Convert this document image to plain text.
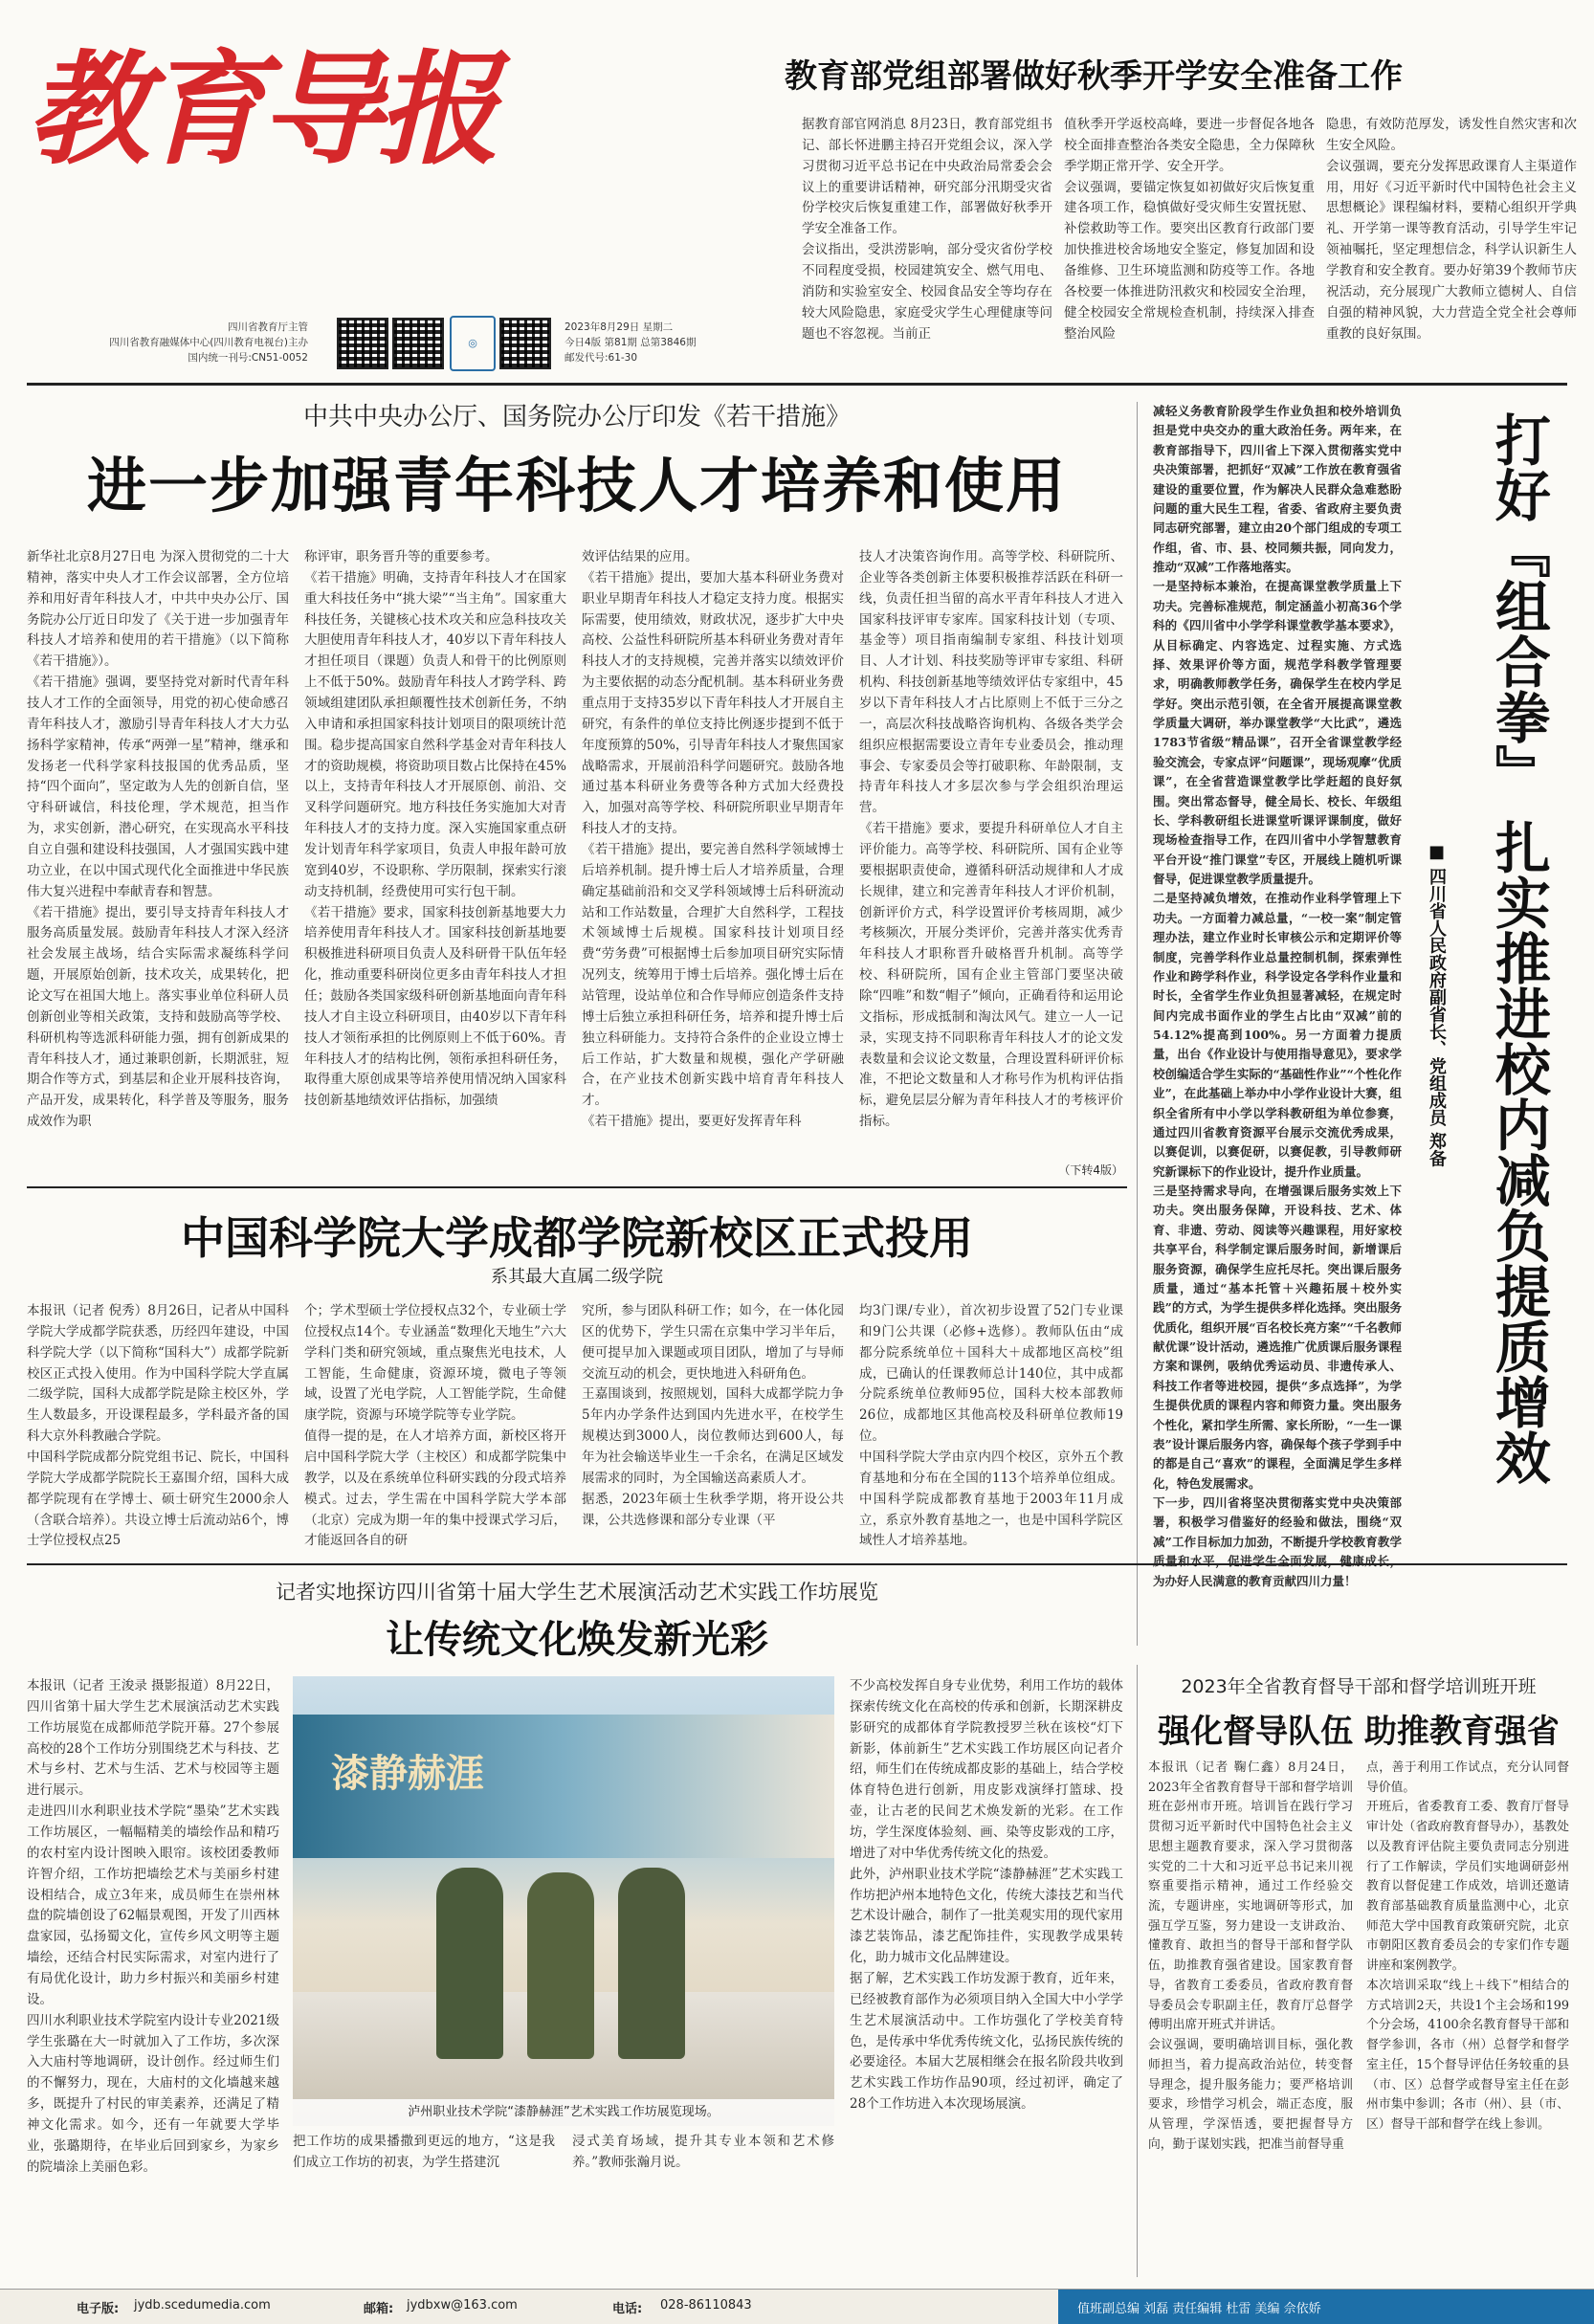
教育导报
四川省教育厅主管
四川省教育融媒体中心(四川教育电视台)主办
国内统一刊号:CN51-0052
◎
2023年8月29日 星期二
今日4版 第81期 总第3846期
邮发代号:61-30
教育部党组部署做好秋季开学安全准备工作

据教育部官网消息 8月23日，教育部党组书记、部长怀进鹏主持召开党组会议，深入学习贯彻习近平总书记在中央政治局常委会会议上的重要讲话精神，研究部分汛期受灾省份学校灾后恢复重建工作，部署做好秋季开学安全准备工作。
会议指出，受洪涝影响，部分受灾省份学校不同程度受损，校园建筑安全、燃气用电、消防和实验室安全、校园食品安全等均存在较大风险隐患，家庭受灾学生心理健康等问题也不容忽视。当前正

值秋季开学返校高峰，要进一步督促各地各校全面排查整治各类安全隐患，全力保障秋季学期正常开学、安全开学。
会议强调，要锚定恢复如初做好灾后恢复重建各项工作，稳慎做好受灾师生安置抚慰、补偿救助等工作。要突出区教育行政部门要加快推进校舍场地安全鉴定，修复加固和设备维修、卫生环境监测和防疫等工作。各地各校要一体推进防汛救灾和校园安全治理，健全校园安全常规检查机制，持续深入排查整治风险

隐患，有效防范厚发，诱发性自然灾害和次生安全风险。
会议强调，要充分发挥思政课育人主渠道作用，用好《习近平新时代中国特色社会主义思想概论》课程编材料，要精心组织开学典礼、开学第一课等教育活动，引导学生牢记领袖嘱托，坚定理想信念，科学认识新生人学教育和安全教育。要办好第39个教师节庆祝活动，充分展现广大教师立德树人、自信自强的精神风貌，大力营造全党全社会尊师重教的良好氛围。

中共中央办公厅、国务院办公厅印发《若干措施》
进一步加强青年科技人才培养和使用

新华社北京8月27日电 为深入贯彻党的二十大精神，落实中央人才工作会议部署，全方位培养和用好青年科技人才，中共中央办公厅、国务院办公厅近日印发了《关于进一步加强青年科技人才培养和使用的若干措施》（以下简称《若干措施》）。
《若干措施》强调，要坚持党对新时代青年科技人才工作的全面领导，用党的初心使命感召青年科技人才，激励引导青年科技人才大力弘扬科学家精神，传承“两弹一星”精神，继承和发扬老一代科学家科技报国的优秀品质，坚持“四个面向”，坚定敢为人先的创新自信，坚守科研诚信，科技伦理，学术规范，担当作为，求实创新，潜心研究，在实现高水平科技自立自强和建设科技强国，人才强国实践中建功立业，在以中国式现代化全面推进中华民族伟大复兴进程中奉献青春和智慧。
《若干措施》提出，要引导支持青年科技人才服务高质量发展。鼓励青年科技人才深入经济社会发展主战场，结合实际需求凝练科学问题，开展原始创新，技术攻关，成果转化，把论文写在祖国大地上。落实事业单位科研人员创新创业等相关政策，支持和鼓励高等学校、科研机构等选派科研能力强，拥有创新成果的青年科技人才，通过兼职创新，长期派驻，短期合作等方式，到基层和企业开展科技咨询，产品开发，成果转化，科学普及等服务，服务成效作为职

称评审，职务晋升等的重要参考。
《若干措施》明确，支持青年科技人才在国家重大科技任务中“挑大梁”“当主角”。国家重大科技任务，关键核心技术攻关和应急科技攻关大胆使用青年科技人才，40岁以下青年科技人才担任项目（课题）负责人和骨干的比例原则上不低于50%。鼓励青年科技人才跨学科、跨领域组建团队承担颠覆性技术创新任务，不纳入申请和承担国家科技计划项目的限项统计范围。稳步提高国家自然科学基金对青年科技人才的资助规模，将资助项目数占比保持在45%以上，支持青年科技人才开展原创、前沿、交叉科学问题研究。地方科技任务实施加大对青年科技人才的支持力度。深入实施国家重点研发计划青年科学家项目，负责人申报年龄可放宽到40岁，不设职称、学历限制，探索实行滚动支持机制，经费使用可实行包干制。
《若干措施》要求，国家科技创新基地要大力培养使用青年科技人才。国家科技创新基地要积极推进科研项目负责人及科研骨干队伍年轻化，推动重要科研岗位更多由青年科技人才担任；鼓励各类国家级科研创新基地面向青年科技人才自主设立科研项目，由40岁以下青年科技人才领衔承担的比例原则上不低于60%。青年科技人才的结构比例，领衔承担科研任务，取得重大原创成果等培养使用情况纳入国家科技创新基地绩效评估指标，加强绩

效评估结果的应用。
《若干措施》提出，要加大基本科研业务费对职业早期青年科技人才稳定支持力度。根据实际需要，使用绩效，财政状况，逐步扩大中央高校、公益性科研院所基本科研业务费对青年科技人才的支持规模，完善并落实以绩效评价为主要依据的动态分配机制。基本科研业务费重点用于支持35岁以下青年科技人才开展自主研究，有条件的单位支持比例逐步提到不低于年度预算的50%，引导青年科技人才聚焦国家战略需求，开展前沿科学问题研究。鼓励各地通过基本科研业务费等各种方式加大经费投入，加强对高等学校、科研院所职业早期青年科技人才的支持。
《若干措施》提出，要完善自然科学领域博士后培养机制。提升博士后人才培养质量，合理确定基础前沿和交叉学科领域博士后科研流动站和工作站数量，合理扩大自然科学，工程技术领域博士后规模。国家科技计划项目经费“劳务费”可根据博士后参加项目研究实际情况列支，统筹用于博士后培养。强化博士后在站管理，设站单位和合作导师应创造条件支持博士后独立承担科研任务，培养和提升博士后独立科研能力。支持符合条件的企业设立博士后工作站，扩大数量和规模，强化产学研融合，在产业技术创新实践中培育青年科技人才。
《若干措施》提出，要更好发挥青年科

技人才决策咨询作用。高等学校、科研院所、企业等各类创新主体要积极推荐活跃在科研一线，负责任担当留的高水平青年科技人才进入国家科技评审专家库。国家科技计划（专项、基金等）项目指南编制专家组、科技计划项目、人才计划、科技奖励等评审专家组、科研机构、科技创新基地等绩效评估专家组中，45岁以下青年科技人才占比原则上不低于三分之一，高层次科技战略咨询机构、各级各类学会组织应根据需要设立青年专业委员会，推动理事会、专家委员会等打破职称、年龄限制，支持青年科技人才多层次参与学会组织治理运营。
《若干措施》要求，要提升科研单位人才自主评价能力。高等学校、科研院所、国有企业等要根据职责使命，遵循科研活动规律和人才成长规律，建立和完善青年科技人才评价机制，创新评价方式，科学设置评价考核周期，减少考核频次，开展分类评价，完善并落实优秀青年科技人才职称晋升破格晋升机制。高等学校、科研院所，国有企业主管部门要坚决破除“四唯”和数“帽子”倾向，正确看待和运用论文指标，形成抵制和淘汰风气。建立一人一记录，实现支持不同职称青年科技人才的论文发表数量和会议论文数量，合理设置科研评价标准，不把论文数量和人才称号作为机构评估指标，避免层层分解为青年科技人才的考核评价指标。

（下转4版）

减轻义务教育阶段学生作业负担和校外培训负担是党中央交办的重大政治任务。两年来，在教育部指导下，四川省上下深入贯彻落实党中央决策部署，把抓好“双减”工作放在教育强省建设的重要位置，作为解决人民群众急难愁盼问题的重大民生工程，省委、省政府主要负责同志研究部署，建立由20个部门组成的专项工作组，省、市、县、校同频共振，同向发力，推动“双减”工作落地落实。
一是坚持标本兼治，在提高课堂教学质量上下功夫。完善标准规范，制定涵盖小初高36个学科的《四川省中小学学科课堂教学基本要求》，从目标确定、内容选定、过程实施、方式选择、效果评价等方面，规范学科教学管理要求，明确教师教学任务，确保学生在校内学足学好。突出示范引领，在全省开展提高课堂教学质量大调研，举办课堂教学“大比武”，遴选1783节省级“精品课”，召开全省课堂教学经验交流会，专家点评“问题课”，现场观摩“优质课”，在全省营造课堂教学比学赶超的良好氛围。突出常态督导，健全局长、校长、年级组长、学科教研组长进课堂听课评课制度，做好现场检查指导工作，在四川省中小学智慧教育平台开设“推门课堂”专区，开展线上随机听课督导，促进课堂教学质量提升。
二是坚持减负增效，在推动作业科学管理上下功夫。一方面着力减总量，“一校一案”制定管理办法，建立作业时长审核公示和定期评价等制度，完善学科作业总量控制机制，探索弹性作业和跨学科作业，科学设定各学科作业量和时长，全省学生作业负担显著减轻，在规定时间内完成书面作业的学生占比由“双减”前的54.12%提高到100%。另一方面着力提质量，出台《作业设计与使用指导意见》，要求学校创编适合学生实际的“基础性作业”“个性化作业”，在此基础上举办中小学作业设计大赛，组织全省所有中小学以学科教研组为单位参赛，通过四川省教育资源平台展示交流优秀成果，以赛促训，以赛促研，以赛促教，引导教师研究新课标下的作业设计，提升作业质量。
三是坚持需求导向，在增强课后服务实效上下功夫。突出服务保障，开设科技、艺术、体育、非遗、劳动、阅读等兴趣课程，用好家校共享平台，科学制定课后服务时间，新增课后服务资源，确保学生应托尽托。突出课后服务质量，通过“基本托管＋兴趣拓展＋校外实践”的方式，为学生提供多样化选择。突出服务优质化，组织开展“百名校长亮方案”“千名教师献优课”设计活动，遴选推广优质课后服务课程方案和课例，吸纳优秀运动员、非遗传承人、科技工作者等进校园，提供“多点选择”，为学生提供优质的课程内容和师资力量。突出服务个性化，紧扣学生所需、家长所盼，“一生一课表”设计课后服务内容，确保每个孩子学到手中的都是自己“喜欢”的课程，全面满足学生多样化，特色发展需求。
下一步，四川省将坚决贯彻落实党中央决策部署，积极学习借鉴好的经验和做法，围绕“双减”工作目标加力加劲，不断提升学校教育教学质量和水平，促进学生全面发展，健康成长，为办好人民满意的教育贡献四川力量！

打好『组合拳』 扎实推进校内减负提质增效
■ 四川省人民政府副省长、党组成员 郑备
中国科学院大学成都学院新校区正式投用
系其最大直属二级学院

本报讯（记者 倪秀）8月26日，记者从中国科学院大学成都学院获悉，历经四年建设，中国科学院大学（以下简称“国科大”）成都学院新校区正式投入使用。作为中国科学院大学直属二级学院，国科大成都学院是除主校区外，学生人数最多，开设课程最多，学科最齐备的国科大京外科教融合学院。
中国科学院成都分院党组书记、院长，中国科学院大学成都学院院长王嘉围介绍，国科大成都学院现有在学博士、硕士研究生2000余人（含联合培养）。共设立博士后流动站6个，博士学位授权点25

个；学术型硕士学位授权点32个，专业硕士学位授权点14个。专业涵盖“数理化天地生”六大学科门类和研究领域，重点聚焦光电技术，人工智能，生命健康，资源环境，微电子等领域，设置了光电学院，人工智能学院，生命健康学院，资源与环境学院等专业学院。
值得一提的是，在人才培养方面，新校区将开启中国科学院大学（主校区）和成都学院集中教学，以及在系统单位科研实践的分段式培养模式。过去，学生需在中国科学院大学本部（北京）完成为期一年的集中授课式学习后，才能返回各自的研

究所，参与团队科研工作；如今，在一体化园区的优势下，学生只需在京集中学习半年后，便可提早加入课题或项目团队，增加了与导师交流互动的机会，更快地进入科研角色。
王嘉围谈到，按照规划，国科大成都学院力争5年内办学条件达到国内先进水平，在校学生规模达到3000人，岗位教师达到600人，每年为社会输送毕业生一千余名，在满足区域发展需求的同时，为全国输送高素质人才。
据悉，2023年硕士生秋季学期，将开设公共课，公共选修课和部分专业课（平

均3门课/专业），首次初步设置了52门专业课和9门公共课（必修+选修）。教师队伍由“成都分院系统单位＋国科大＋成都地区高校”组成，已确认的任课教师总计140位，其中成都分院系统单位教师95位，国科大校本部教师26位，成都地区其他高校及科研单位教师19位。
中国科学院大学由京内四个校区，京外五个教育基地和分布在全国的113个培养单位组成。中国科学院成都教育基地于2003年11月成立，系京外教育基地之一，也是中国科学院区域性人才培养基地。

记者实地探访四川省第十届大学生艺术展演活动艺术实践工作坊展览
让传统文化焕发新光彩

本报讯（记者 王浚录 摄影报道）8月22日，四川省第十届大学生艺术展演活动艺术实践工作坊展览在成都师范学院开幕。27个参展高校的28个工作坊分别围绕艺术与科技、艺术与乡村、艺术与生活、艺术与校园等主题进行展示。
走进四川水利职业技术学院“墨染”艺术实践工作坊展区，一幅幅精美的墙绘作品和精巧的农村室内设计图映入眼帘。该校团委教师许智介绍，工作坊把墙绘艺术与美丽乡村建设相结合，成立3年来，成员师生在崇州林盘的院墙创设了62幅景观图，开发了川西林盘家园，弘扬蜀文化，宣传乡风文明等主题墙绘，还结合村民实际需求，对室内进行了有局优化设计，助力乡村振兴和美丽乡村建设。
四川水利职业技术学院室内设计专业2021级学生张璐在大一时就加入了工作坊，多次深入大庙村等地调研，设计创作。经过师生们的不懈努力，现在，大庙村的文化墙越来越多，既提升了村民的审美素养，还满足了精神文化需求。如今，还有一年就要大学毕业，张璐期待，在毕业后回到家乡，为家乡的院墙涂上美丽色彩。

漆静赫涯
泸州职业技术学院“漆静赫涯”艺术实践工作坊展览现场。

把工作坊的成果播撒到更远的地方，“这是我们成立工作坊的初衷，为学生搭建沉

浸式美育场域，提升其专业本领和艺术修养。”教师张瀚月说。

不少高校发挥自身专业优势，利用工作坊的载体探索传统文化在高校的传承和创新，长期深耕皮影研究的成都体育学院教授罗兰秋在该校“灯下新影，体前新生”艺术实践工作坊展区向记者介绍，师生们在传统成都皮影的基础上，结合学校体育特色进行创新，用皮影戏演绎打篮球、投壶，让古老的民间艺术焕发新的光彩。在工作坊，学生深度体验刻、画、染等皮影戏的工序，增进了对中华优秀传统文化的热爱。
此外，泸州职业技术学院“漆静赫涯”艺术实践工作坊把泸州本地特色文化，传统大漆技艺和当代艺术设计融合，制作了一批美观实用的现代家用漆艺装饰品，漆艺配饰挂件，实现教学成果转化，助力城市文化品牌建设。
据了解，艺术实践工作坊发源于教育，近年来，已经被教育部作为必须项目纳入全国大中小学学生艺术展演活动中。工作坊强化了学校美育特色，是传承中华优秀传统文化，弘扬民族传统的必要途径。本届大艺展相继会在报名阶段共收到艺术实践工作坊作品90项，经过初评，确定了28个工作坊进入本次现场展演。

2023年全省教育督导干部和督学培训班开班
强化督导队伍 助推教育强省

本报讯（记者 鞠仁鑫）8月24日，2023年全省教育督导干部和督学培训班在彭州市开班。培训旨在践行学习贯彻习近平新时代中国特色社会主义思想主题教育要求，深入学习贯彻落实党的二十大和习近平总书记来川视察重要指示精神，通过工作经验交流，专题讲座，实地调研等形式，加强互学互鉴，努力建设一支讲政治、懂教育、敢担当的督导干部和督学队伍，助推教育强省建设。国家教育督导，省教育工委委员，省政府教育督导委员会专职副主任，教育厅总督学傅明出席开班式并讲话。
会议强调，要明确培训目标，强化教师担当，着力提高政治站位，转变督导理念，提升服务能力；要严格培训要求，珍惜学习机会，端正态度，服从管理，学深悟透，要把握督导方向，勤于谋划实践，把准当前督导重

点，善于利用工作试点，充分认同督导价值。
开班后，省委教育工委、教育厅督导审计处（省政府教育督导办），基教处以及教育评估院主要负责同志分别进行了工作解读，学员们实地调研彭州教育以督促建工作成效，培训还邀请教育部基础教育质量监测中心，北京师范大学中国教育政策研究院，北京市朝阳区教育委员会的专家们作专题讲座和案例教学。
本次培训采取“线上＋线下”相结合的方式培训2天，共设1个主会场和199个分会场，4100余名教育督导干部和督学参训，各市（州）总督学和督学室主任，15个督导评估任务较重的县（市、区）总督学或督导室主任在彭州市集中参训；各市（州）、县（市、区）督导干部和督学在线上参训。

电子版: jydb.scedumedia.com	邮箱: jydbxw@163.com	电话: 028-86110843	值班副总编 刘磊 责任编辑 杜雷 美编 佘依娇
